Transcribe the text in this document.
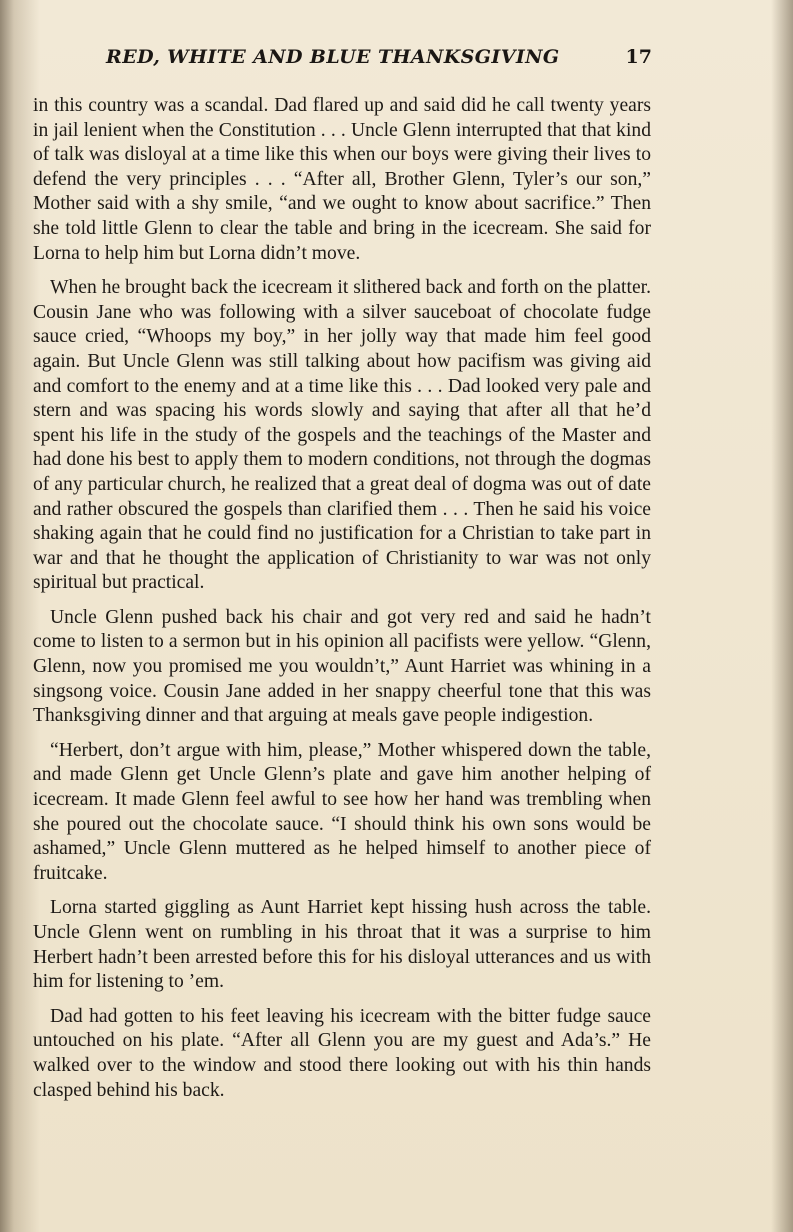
RED, WHITE AND BLUE THANKSGIVING	17

in this country was a scandal. Dad flared up and said did he call twenty years in jail lenient when the Constitution . . . Uncle Glenn interrupted that that kind of talk was disloyal at a time like this when our boys were giving their lives to defend the very principles . . . “After all, Brother Glenn, Tyler’s our son,” Mother said with a shy smile, “and we ought to know about sacrifice.” Then she told little Glenn to clear the table and bring in the icecream. She said for Lorna to help him but Lorna didn’t move.

When he brought back the icecream it slithered back and forth on the platter. Cousin Jane who was following with a silver sauceboat of chocolate fudge sauce cried, “Whoops my boy,” in her jolly way that made him feel good again. But Uncle Glenn was still talking about how pacifism was giving aid and comfort to the enemy and at a time like this . . . Dad looked very pale and stern and was spacing his words slowly and saying that after all that he’d spent his life in the study of the gospels and the teachings of the Master and had done his best to apply them to modern conditions, not through the dogmas of any particular church, he realized that a great deal of dogma was out of date and rather obscured the gospels than clarified them . . . Then he said his voice shaking again that he could find no justification for a Christian to take part in war and that he thought the application of Christianity to war was not only spiritual but practical.

Uncle Glenn pushed back his chair and got very red and said he hadn’t come to listen to a sermon but in his opinion all pacifists were yellow. “Glenn, Glenn, now you promised me you wouldn’t,” Aunt Harriet was whining in a singsong voice. Cousin Jane added in her snappy cheerful tone that this was Thanksgiving dinner and that arguing at meals gave people indigestion.

“Herbert, don’t argue with him, please,” Mother whispered down the table, and made Glenn get Uncle Glenn’s plate and gave him another helping of icecream. It made Glenn feel awful to see how her hand was trembling when she poured out the chocolate sauce. “I should think his own sons would be ashamed,” Uncle Glenn muttered as he helped himself to another piece of fruitcake.

Lorna started giggling as Aunt Harriet kept hissing hush across the table. Uncle Glenn went on rumbling in his throat that it was a surprise to him Herbert hadn’t been arrested before this for his disloyal utterances and us with him for listening to ’em.

Dad had gotten to his feet leaving his icecream with the bitter fudge sauce untouched on his plate. “After all Glenn you are my guest and Ada’s.” He walked over to the window and stood there looking out with his thin hands clasped behind his back.
